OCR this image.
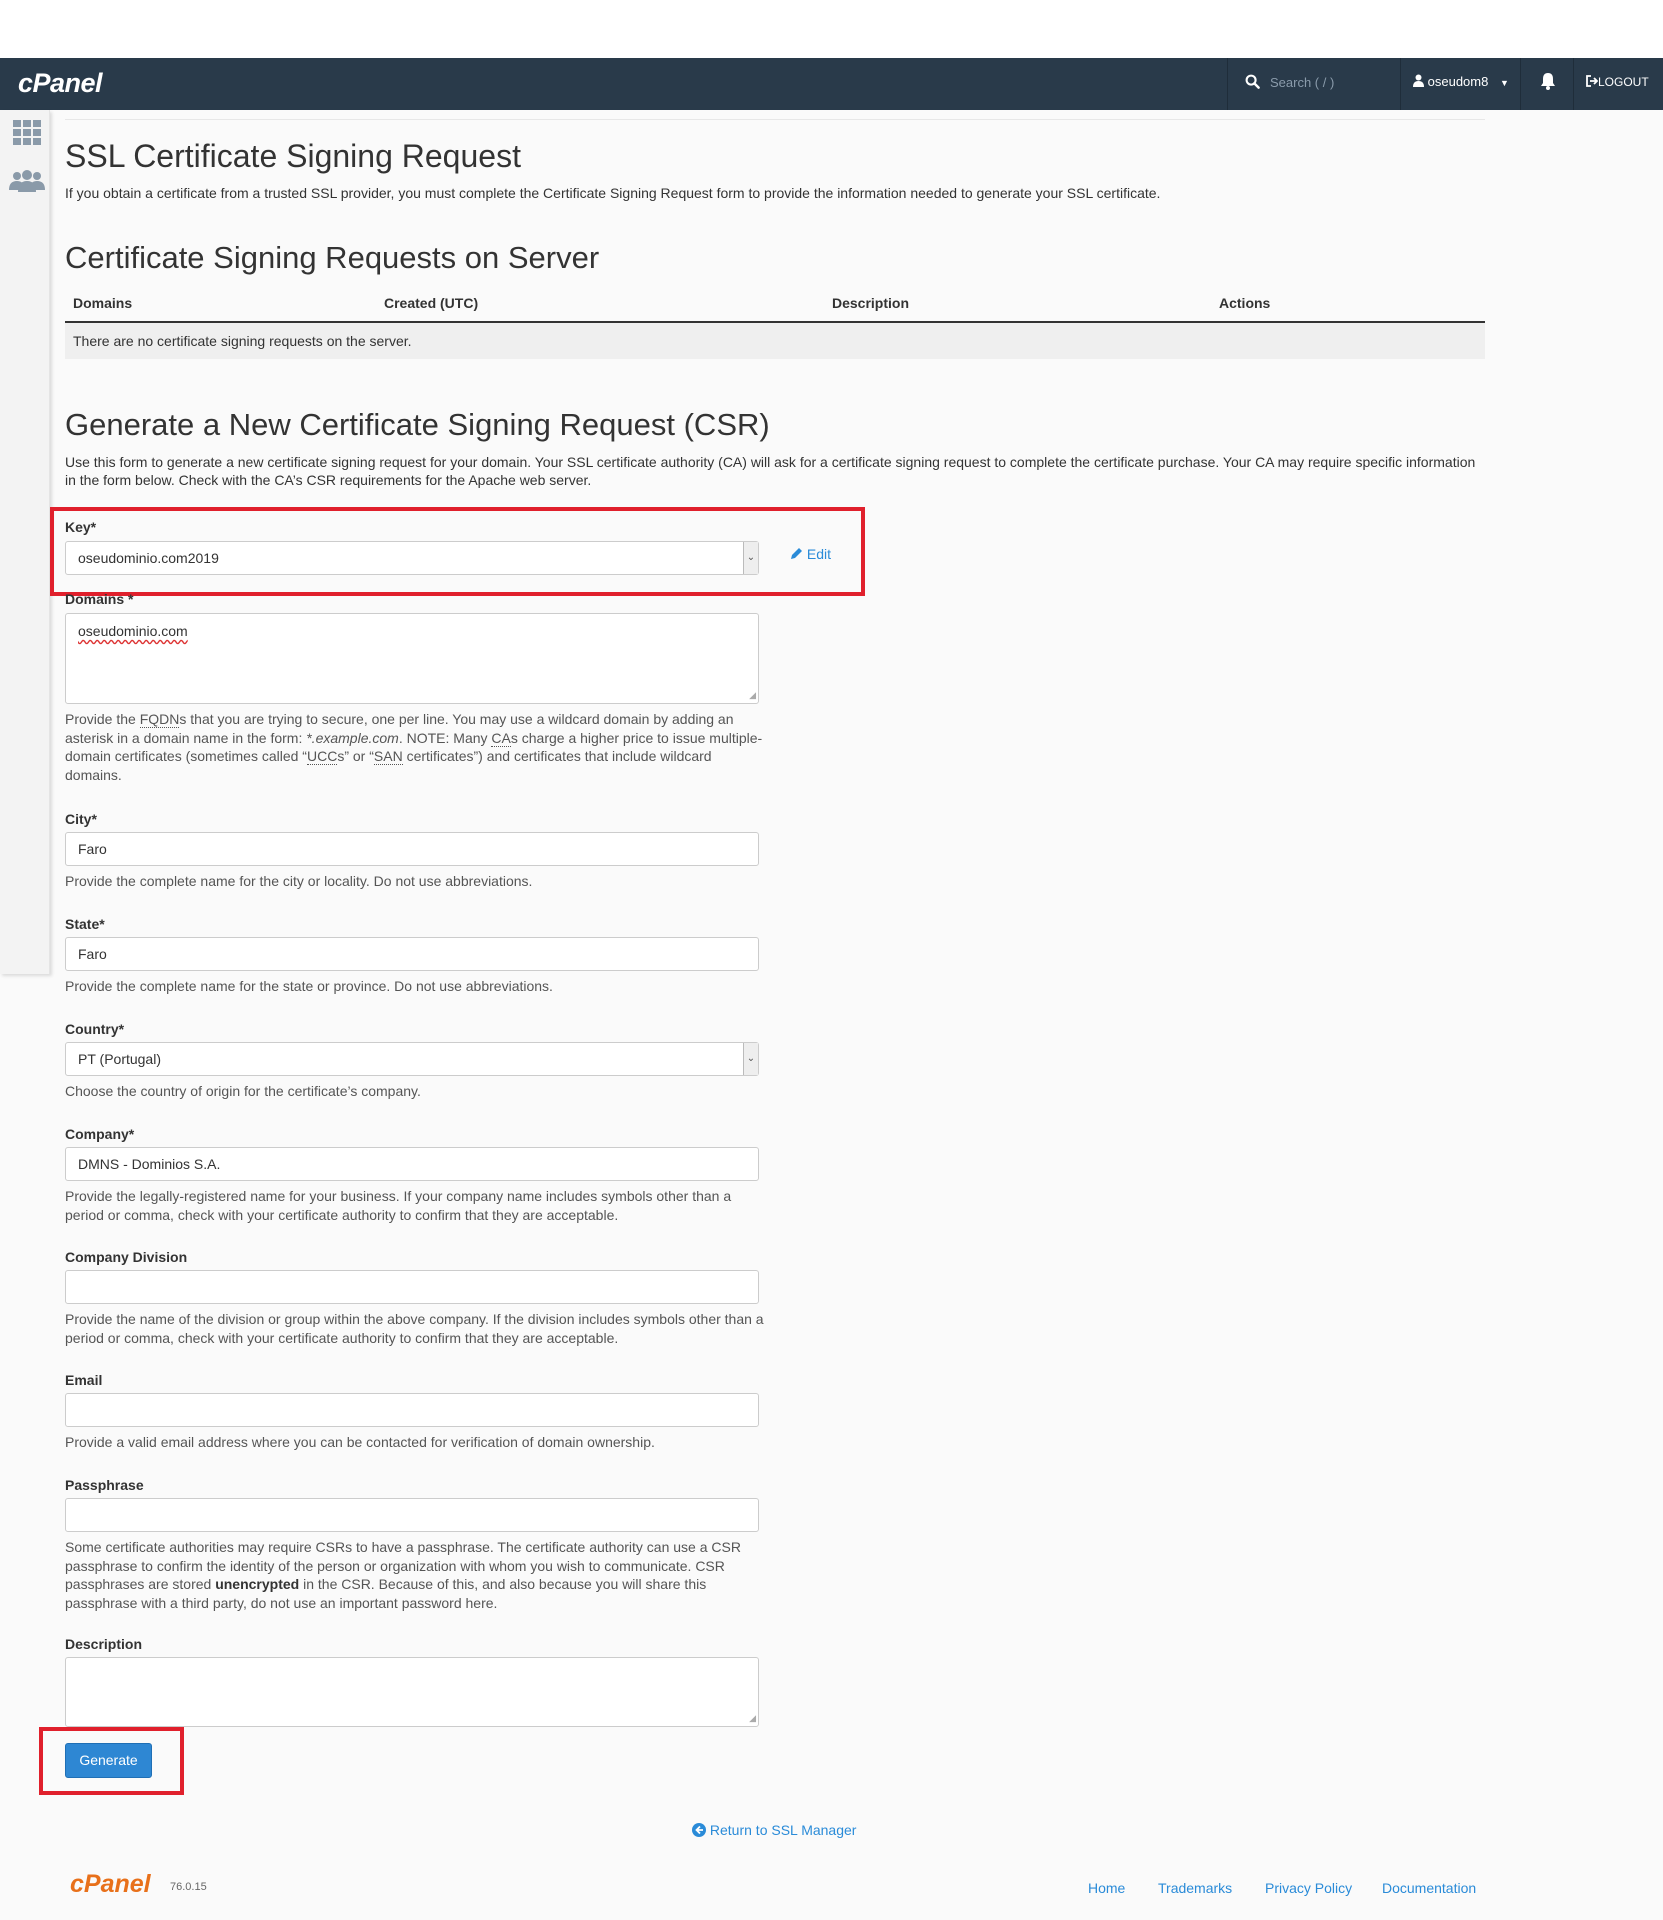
cPanel	Search ( / )	oseudom8 ▼	LOGOUT
SSL Certificate Signing Request
If you obtain a certificate from a trusted SSL provider, you must complete the Certificate Signing Request form to provide the information needed to generate your SSL certificate.
Certificate Signing Requests on Server
Domains	Created (UTC)	Description	Actions
There are no certificate signing requests on the server.
Generate a New Certificate Signing Request (CSR)
Use this form to generate a new certificate signing request for your domain. Your SSL certificate authority (CA) will ask for a certificate signing request to complete the certificate purchase. Your CA may require specific information in the form below. Check with the CA’s CSR requirements for the Apache web server.
Key*
oseudominio.com2019	⌄	Edit
Domains *
oseudominio.com
◢
Provide the FQDNs that you are trying to secure, one per line. You may use a wildcard domain by adding an asterisk in a domain name in the form: *.example.com. NOTE: Many CAs charge a higher price to issue multiple-domain certificates (sometimes called “UCCs” or “SAN certificates”) and certificates that include wildcard domains.
City*
Faro
Provide the complete name for the city or locality. Do not use abbreviations.
State*
Faro
Provide the complete name for the state or province. Do not use abbreviations.
Country*
PT (Portugal)	⌄
Choose the country of origin for the certificate’s company.
Company*
DMNS - Dominios S.A.
Provide the legally-registered name for your business. If your company name includes symbols other than a period or comma, check with your certificate authority to confirm that they are acceptable.
Company Division
Provide the name of the division or group within the above company. If the division includes symbols other than a period or comma, check with your certificate authority to confirm that they are acceptable.
Email
Provide a valid email address where you can be contacted for verification of domain ownership.
Passphrase
Some certificate authorities may require CSRs to have a passphrase. The certificate authority can use a CSR passphrase to confirm the identity of the person or organization with whom you wish to communicate. CSR passphrases are stored unencrypted in the CSR. Because of this, and also because you will share this passphrase with a third party, do not use an important password here.
Description
◢
Generate
Return to SSL Manager
cPanel 76.0.15	Home Trademarks Privacy Policy Documentation
